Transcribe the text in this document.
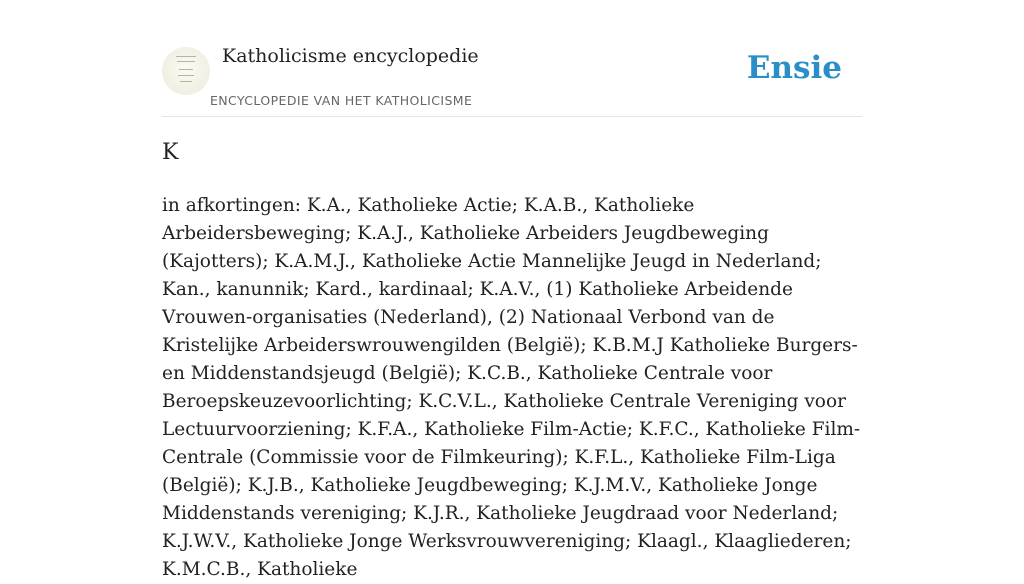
Katholicisme encyclopedie
ENCYCLOPEDIE VAN HET KATHOLICISME
Ensie
K

in afkortingen: K.A., Katholieke Actie; K.A.B., Katholieke Arbeidersbeweging; K.A.J., Katholieke Arbeiders Jeugdbeweging (Kajotters); K.A.M.J., Katholieke Actie Mannelijke Jeugd in Nederland; Kan., kanunnik; Kard., kardinaal; K.A.V., (1) Katholieke Arbeidende Vrouwen-organisaties (Nederland), (2) Nationaal Verbond van de Kristelijke Arbeiderswrouwengilden (België); K.B.M.J Katholieke Burgers- en Middenstandsjeugd (België); K.C.B., Katholieke Centrale voor Beroepskeuzevoorlichting; K.C.V.L., Katholieke Centrale Vereniging voor Lectuurvoorziening; K.F.A., Katholieke Film-Actie; K.F.C., Katholieke Film-Centrale (Commissie voor de Filmkeuring); K.F.L., Katholieke Film-Liga (België); K.J.B., Katholieke Jeugdbeweging; K.J.M.V., Katholieke Jonge Middenstands vereniging; K.J.R., Katholieke Jeugdraad voor Nederland; K.J.W.V., Katholieke Jonge Werksvrouwvereniging; Klaagl., Klaagliederen; K.M.C.B., Katholieke
